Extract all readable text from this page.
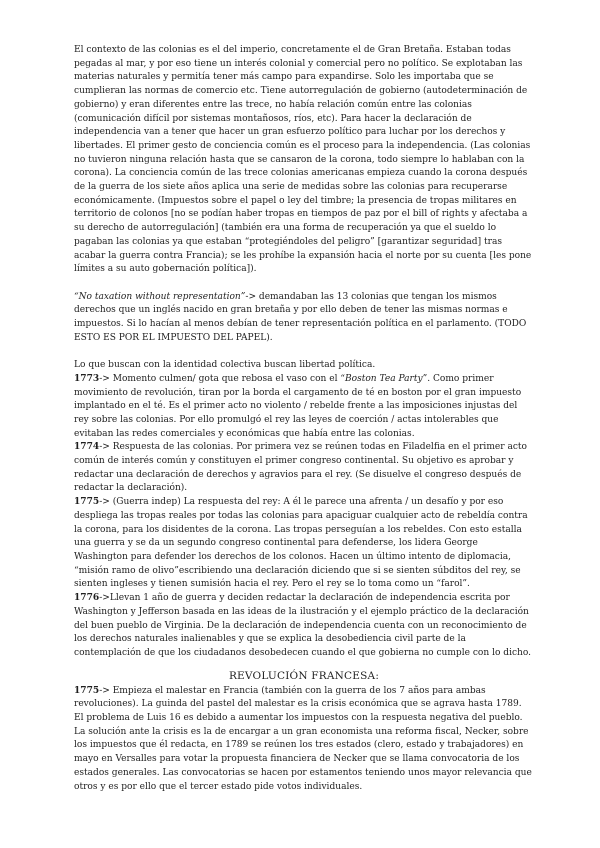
El contexto de las colonias es el del imperio, concretamente el de Gran Bretaña. Estaban todas pegadas al mar, y por eso tiene un interés colonial y comercial pero no político. Se explotaban las materias naturales y permitía tener más campo para expandirse. Solo les importaba que se cumplieran las normas de comercio etc. Tiene autorregulación de gobierno (autodeterminación de gobierno) y eran diferentes entre las trece, no había relación común entre las colonias (comunicación difícil por sistemas montañosos, ríos, etc). Para hacer la declaración de independencia van a tener que hacer un gran esfuerzo político para luchar por los derechos y libertades. El primer gesto de conciencia común es el proceso para la independencia. (Las colonias no tuvieron ninguna relación hasta que se cansaron de la corona, todo siempre lo hablaban con la corona). La conciencia común de las trece colonias americanas empieza cuando la corona después de la guerra de los siete años aplica una serie de medidas sobre las colonias para recuperarse económicamente. (Impuestos sobre el papel o ley del timbre; la presencia de tropas militares en territorio de colonos [no se podían haber tropas en tiempos de paz por el bill of rights y afectaba a su derecho de autorregulación] (también era una forma de recuperación ya que el sueldo lo pagaban las colonias ya que estaban “protegiéndoles del peligro” [garantizar seguridad] tras acabar la guerra contra Francia); se les prohíbe la expansión hacia el norte por su cuenta [les pone límites a su auto gobernación política]).

“No taxation without representation”-> demandaban las 13 colonias que tengan los mismos derechos que un inglés nacido en gran bretaña y por ello deben de tener las mismas normas e impuestos. Si lo hacían al menos debían de tener representación política en el parlamento. (TODO ESTO ES POR EL IMPUESTO DEL PAPEL).

Lo que buscan con la identidad colectiva buscan libertad política.

1773-> Momento culmen/ gota que rebosa el vaso con el “Boston Tea Party”. Como primer movimiento de revolución, tiran por la borda el cargamento de té en boston por el gran impuesto implantado en el té. Es el primer acto no violento / rebelde frente a las imposiciones injustas del rey sobre las colonias. Por ello promulgó el rey las leyes de coerción / actas intolerables que evitaban las redes comerciales y económicas que había entre las colonias.

1774-> Respuesta de las colonias. Por primera vez se reúnen todas en Filadelfia en el primer acto común de interés común y constituyen el primer congreso continental. Su objetivo es aprobar y redactar una declaración de derechos y agravios para el rey. (Se disuelve el congreso después de redactar la declaración).

1775-> (Guerra indep) La respuesta del rey: A él le parece una afrenta / un desafío y por eso despliega las tropas reales por todas las colonias para apaciguar cualquier acto de rebeldía contra la corona, para los disidentes de la corona. Las tropas perseguían a los rebeldes. Con esto estalla una guerra y se da un segundo congreso continental para defenderse, los lidera George Washington para defender los derechos de los colonos. Hacen un último intento de diplomacia, “misión ramo de olivo”escribiendo una declaración diciendo que si se sienten súbditos del rey, se sienten ingleses y tienen sumisión hacia el rey. Pero el rey se lo toma como un “farol”.

1776->Llevan 1 año de guerra y deciden redactar la declaración de independencia escrita por Washington y Jefferson basada en las ideas de la ilustración y el ejemplo práctico de la declaración del buen pueblo de Virginia. De la declaración de independencia cuenta con un reconocimiento de los derechos naturales inalienables y que se explica la desobediencia civil parte de la contemplación de que los ciudadanos desobedecen cuando el que gobierna no cumple con lo dicho.

REVOLUCIÓN FRANCESA:

1775-> Empieza el malestar en Francia (también con la guerra de los 7 años para ambas revoluciones). La guinda del pastel del malestar es la crisis económica que se agrava hasta 1789. El problema de Luis 16 es debido a aumentar los impuestos con la respuesta negativa del pueblo. La solución ante la crisis es la de encargar a un gran economista una reforma fiscal, Necker, sobre los impuestos que él redacta, en 1789 se reúnen los tres estados (clero, estado y trabajadores) en mayo en Versalles para votar la propuesta financiera de Necker que se llama convocatoria de los estados generales. Las convocatorias se hacen por estamentos teniendo unos mayor relevancia que otros y es por ello que el tercer estado pide votos individuales.
